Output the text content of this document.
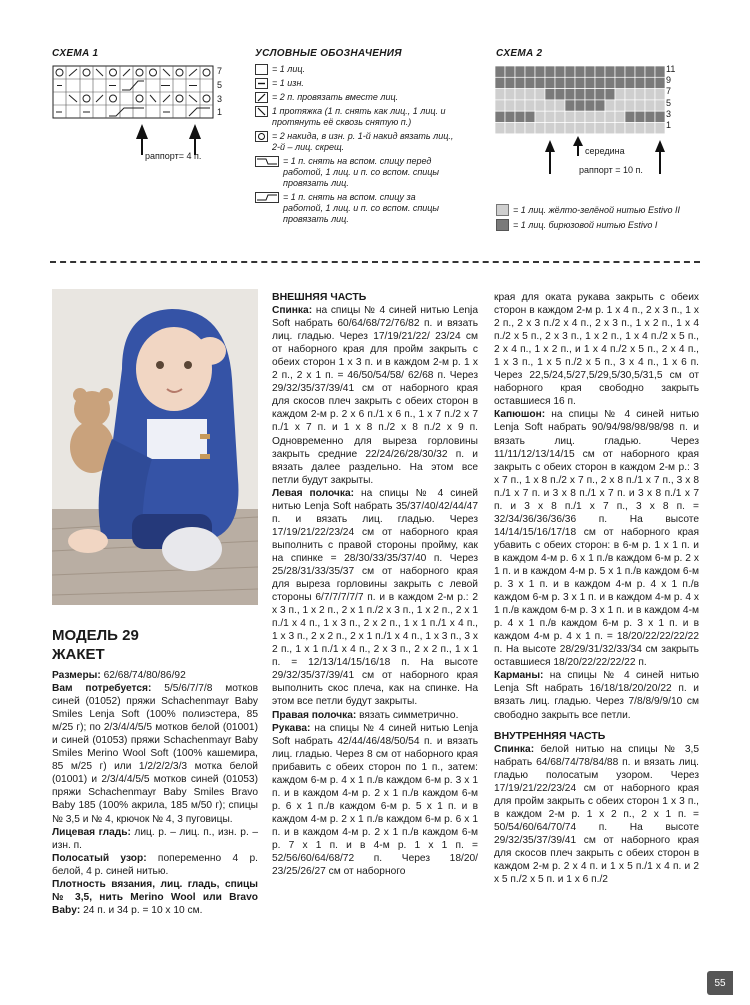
СХЕМА 1
7
5
3
1
раппорт= 4 п.
УСЛОВНЫЕ ОБОЗНАЧЕНИЯ
= 1 лиц.
= 1 изн.
= 2 п. провязать вместе лиц.
1 протяжка (1 п. снять как лиц., 1 лиц. и протянуть её сквозь снятую п.)
= 2 накида, в изн. р. 1-й накид вязать лиц., 2-й – лиц. скрещ.
= 1 п. снять на вспом. спицу перед работой, 1 лиц. и п. со вспом. спицы провязать лиц.
= 1 п. снять на вспом. спицу за работой, 1 лиц. и п. со вспом. спицы провязать лиц.
СХЕМА 2
11
9
7
5
3
1
середина
раппорт = 10 п.
= 1 лиц. жёлто-зелёной нитью Estivo II
= 1 лиц. бирюзовой нитью Estivo I
МОДЕЛЬ 29
ЖАКЕТ

Размеры: 62/68/74/80/86/92

Вам потребуется: 5/5/6/7/7/8 мотков синей (01052) пряжи Schachenmayr Baby Smiles Lenja Soft (100% полиэстера, 85 м/25 г); по 2/3/4/4/5/5 мотков белой (01001) и синей (01053) пряжи Schachenmayr Baby Smiles Merino Wool Soft (100% кашемира, 85 м/25 г) или 1/2/2/2/3/3 мотка белой (01001) и 2/3/4/4/5/5 мотков синей (01053) пряжи Schachenmayr Baby Smiles Bravo Baby 185 (100% акрила, 185 м/50 г); спицы № 3,5 и № 4, крючок № 4, 3 пуговицы.

Лицевая гладь: лиц. р. – лиц. п., изн. р. – изн. п.

Полосатый узор: попеременно 4 р. белой, 4 р. синей нитью.

Плотность вязания, лиц. гладь, спицы № 3,5, нить Merino Wool или Bravo Baby: 24 п. и 34 р. = 10 х 10 см.

ВНЕШНЯЯ ЧАСТЬ

Спинка: на спицы № 4 синей нитью Lenja Soft набрать 60/64/68/72/76/82 п. и вязать лиц. гладью. Через 17/19/21/22/ 23/24 см от наборного края для пройм закрыть с обеих сторон 1 х 3 п. и в каждом 2-м р. 1 х 2 п., 2 х 1 п. = 46/50/54/58/ 62/68 п. Через 29/32/35/37/39/41 см от наборного края для скосов плеч закрыть с обеих сторон в каждом 2-м р. 2 х 6 п./1 х 6 п., 1 х 7 п./2 х 7 п./1 х 7 п. и 1 х 8 п./2 х 8 п./2 х 9 п. Одновременно для выреза горловины закрыть средние 22/24/26/28/30/32 п. и вязать далее раздельно. На этом все петли будут закрыты.

Левая полочка: на спицы № 4 синей нитью Lenja Soft набрать 35/37/40/42/44/47 п. и вязать лиц. гладью. Через 17/19/21/22/23/24 см от наборного края выполнить с правой стороны пройму, как на спинке = 28/30/33/35/37/40 п. Через 25/28/31/33/35/37 см от наборного края для выреза горловины закрыть с левой стороны 6/7/7/7/7/7 п. и в каждом 2-м р.: 2 х 3 п., 1 х 2 п., 2 х 1 п./2 х 3 п., 1 х 2 п., 2 х 1 п./1 х 4 п., 1 х 3 п., 2 х 2 п., 1 х 1 п./1 х 4 п., 1 х 3 п., 2 х 2 п., 2 х 1 п./1 х 4 п., 1 х 3 п., 3 х 2 п., 1 х 1 п./1 х 4 п., 2 х 3 п., 2 х 2 п., 1 х 1 п. = 12/13/14/15/16/18 п. На высоте 29/32/35/37/39/41 см от наборного края выполнить скос плеча, как на спинке. На этом все петли будут закрыты.

Правая полочка: вязать симметрично.

Рукава: на спицы № 4 синей нитью Lenja Soft набрать 42/44/46/48/50/54 п. и вязать лиц. гладью. Через 8 см от наборного края прибавить с обеих сторон по 1 п., затем: каждом 6-м р. 4 х 1 п./в каждом 6-м р. 3 х 1 п. и в каждом 4-м р. 2 х 1 п./в каждом 6-м р. 6 х 1 п./в каждом 6-м р. 5 х 1 п. и в каждом 4-м р. 2 х 1 п./в каждом 6-м р. 6 х 1 п. и в каждом 4-м р. 2 х 1 п./в каждом 6-м р. 7 х 1 п. и в 4-м р. 1 х 1 п. = 52/56/60/64/68/72 п. Через 18/20/ 23/25/26/27 см от наборного

края для оката рукава закрыть с обеих сторон в каждом 2-м р. 1 х 4 п., 2 х 3 п., 1 х 2 п., 2 х 3 п./2 х 4 п., 2 х 3 п., 1 х 2 п., 1 х 4 п./2 х 5 п., 2 х 3 п., 1 х 2 п., 1 х 4 п./2 х 5 п., 2 х 4 п., 1 х 2 п., и 1 х 4 п./2 х 5 п., 2 х 4 п., 1 х 3 п., 1 х 5 п./2 х 5 п., 3 х 4 п., 1 х 6 п. Через 22,5/24,5/27,5/29,5/30,5/31,5 см от наборного края свободно закрыть оставшиеся 16 п.

Капюшон: на спицы № 4 синей нитью Lenja Soft набрать 90/94/98/98/98/98 п. и вязать лиц. гладью. Через 11/11/12/13/14/15 см от наборного края закрыть с обеих сторон в каждом 2-м р.: 3 х 7 п., 1 х 8 п./2 х 7 п., 2 х 8 п./1 х 7 п., 3 х 8 п./1 х 7 п. и 3 х 8 п./1 х 7 п. и 3 х 8 п./1 х 7 п. и 3 х 8 п./1 х 7 п., 3 х 8 п. = 32/34/36/36/36/36 п. На высоте 14/14/15/16/17/18 см от наборного края убавить с обеих сторон: в 6-м р. 1 х 1 п. и в каждом 4-м р. 6 х 1 п./в каждом 6-м р. 2 х 1 п. и в каждом 4-м р. 5 х 1 п./в каждом 6-м р. 3 х 1 п. и в каждом 4-м р. 4 х 1 п./в каждом 6-м р. 3 х 1 п. и в каждом 4-м р. 4 х 1 п./в каждом 6-м р. 3 х 1 п. и в каждом 4-м р. 4 х 1 п./в каждом 6-м р. 3 х 1 п. и в каждом 4-м р. 4 х 1 п. = 18/20/22/22/22/22 п. На высоте 28/29/31/32/33/34 см закрыть оставшиеся 18/20/22/22/22/22 п.

Карманы: на спицы № 4 синей нитью Lenja Sft набрать 16/18/18/20/20/22 п. и вязать лиц. гладью. Через 7/8/8/9/9/10 см свободно закрыть все петли.

ВНУТРЕННЯЯ ЧАСТЬ

Спинка: белой нитью на спицы № 3,5 набрать 64/68/74/78/84/88 п. и вязать лиц. гладью полосатым узором. Через 17/19/21/22/23/24 см от наборного края для пройм закрыть с обеих сторон 1 х 3 п., в каждом 2-м р. 1 х 2 п., 2 х 1 п. = 50/54/60/64/70/74 п. На высоте 29/32/35/37/39/41 см от наборного края для скосов плеч закрыть с обеих сторон в каждом 2-м р. 2 х 4 п. и 1 х 5 п./1 х 4 п. и 2 х 5 п./2 х 5 п. и 1 х 6 п./2

55
